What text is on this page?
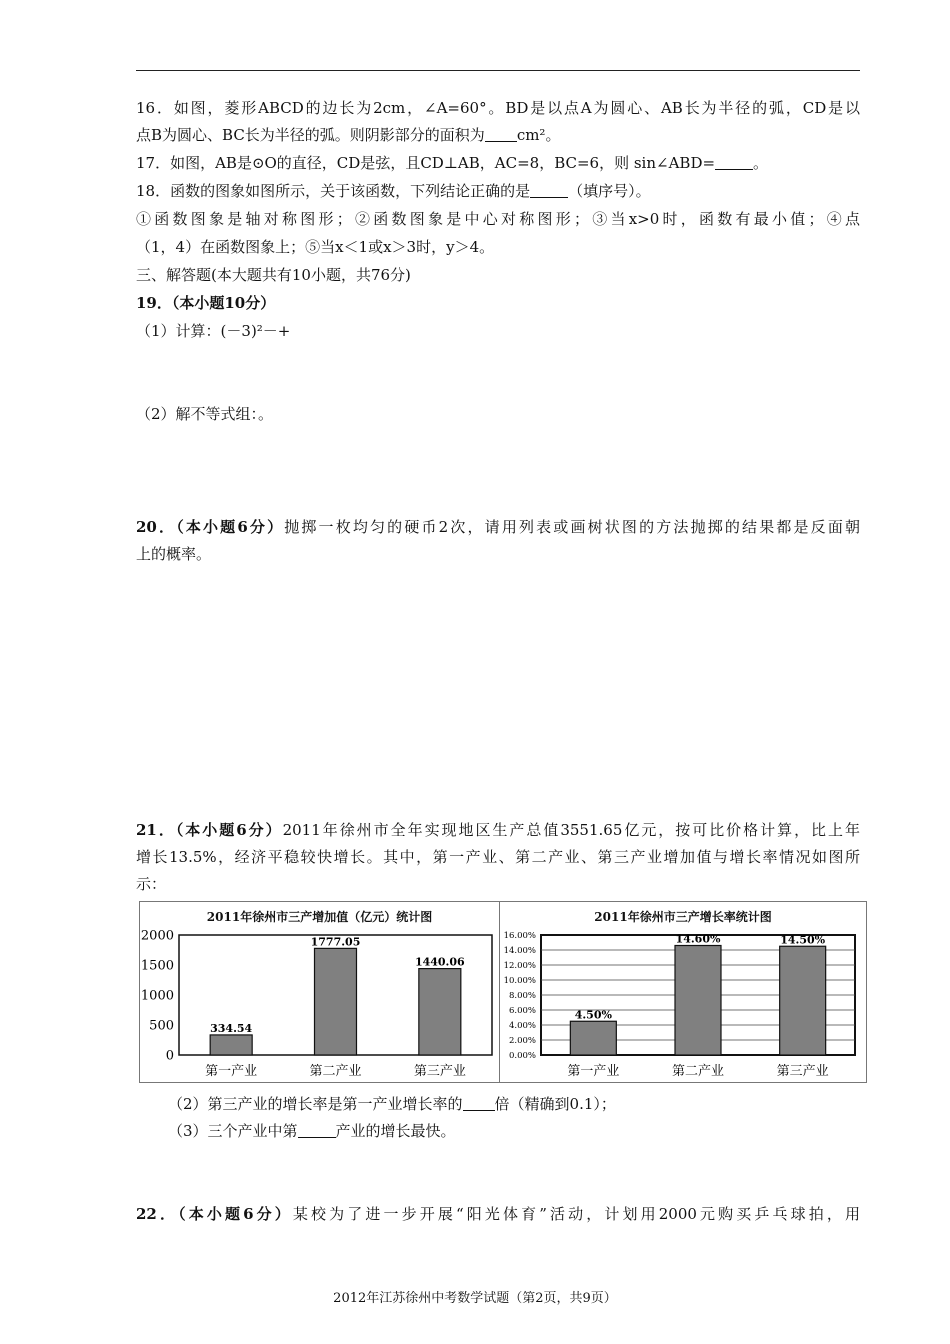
16．如图，菱形ABCD的边长为2cm，∠A=60°。BD是以点A为圆心、AB长为半径的弧，CD是以
点B为圆心、BC长为半径的弧。则阴影部分的面积为 cm²。
17．如图，AB是⊙O的直径，CD是弦，且CD⊥AB，AC=8，BC=6，则 sin∠ABD=	。
18．函数的图象如图所示，关于该函数，下列结论正确的是	（填序号）。
①函数图象是轴对称图形；②函数图象是中心对称图形；③当x>0时，函数有最小值；④点
（1，4）在函数图象上；⑤当x＜1或x＞3时，y＞4。
三、解答题(本大题共有10小题，共76分)
19．（本小题10分）
（1）计算：(－3)²－+
（2）解不等式组：。
20．（本小题6分）抛掷一枚均匀的硬币2次，请用列表或画树状图的方法抛掷的结果都是反面朝
上的概率。
21．（本小题6分）2011年徐州市全年实现地区生产总值3551.65亿元，按可比价格计算，比上年
增长13.5%，经济平稳较快增长。其中，第一产业、第二产业、第三产业增加值与增长率情况如图所
示：
2011年徐州市三产增加值（亿元）统计图
2000
1500
1000
500
0
334.54
第一产业
1777.05
第二产业
1440.06
第三产业
2011年徐州市三产增长率统计图
16.00%
14.00%
12.00%
10.00%
8.00%
6.00%
4.00%
2.00%
0.00%
4.50%
第一产业
14.60%
第二产业
14.50%
第三产业
（2）第三产业的增长率是第一产业增长率的 倍（精确到0.1）；
（3）三个产业中第	产业的增长最快。
22．（本小题6分）某校为了进一步开展“阳光体育”活动，计划用2000元购买乒乓球拍，用
2012年江苏徐州中考数学试题（第2页，共9页）
